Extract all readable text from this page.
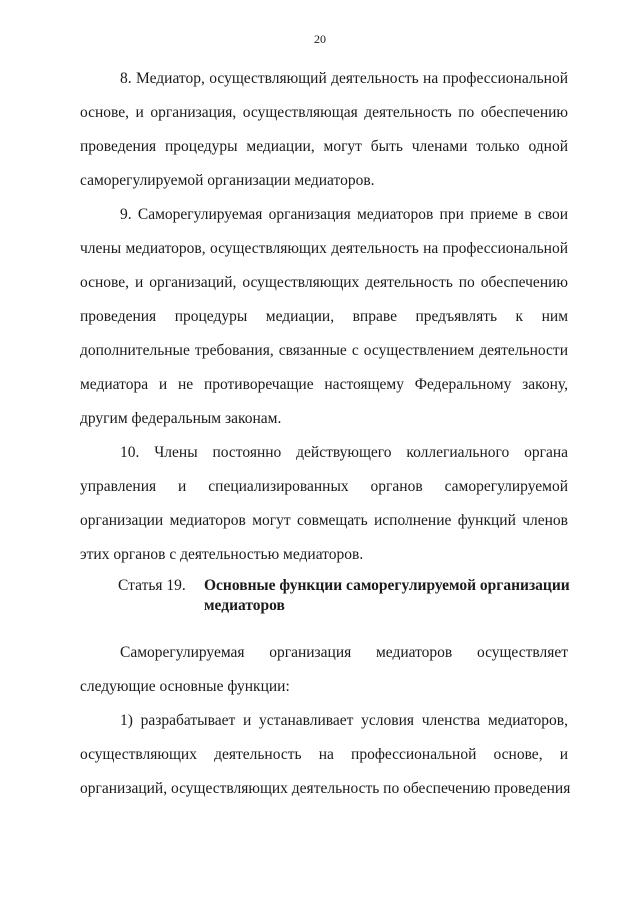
20
8. Медиатор, осуществляющий деятельность на профессиональной
основе, и организация, осуществляющая деятельность по обеспечению
проведения процедуры медиации, могут быть членами только одной
саморегулируемой организации медиаторов.
9. Саморегулируемая организация медиаторов при приеме в свои
члены медиаторов, осуществляющих деятельность на профессиональной
основе, и организаций, осуществляющих деятельность по обеспечению
проведения процедуры медиации, вправе предъявлять к ним
дополнительные требования, связанные с осуществлением деятельности
медиатора и не противоречащие настоящему Федеральному закону,
другим федеральным законам.
10. Члены постоянно действующего коллегиального органа
управления и специализированных органов саморегулируемой
организации медиаторов могут совмещать исполнение функций членов
этих органов с деятельностью медиаторов.
Статья 19. Основные функции саморегулируемой организации
медиаторов
Саморегулируемая организация медиаторов осуществляет
следующие основные функции:
1) разрабатывает и устанавливает условия членства медиаторов,
осуществляющих деятельность на профессиональной основе, и
организаций, осуществляющих деятельность по обеспечению проведения
